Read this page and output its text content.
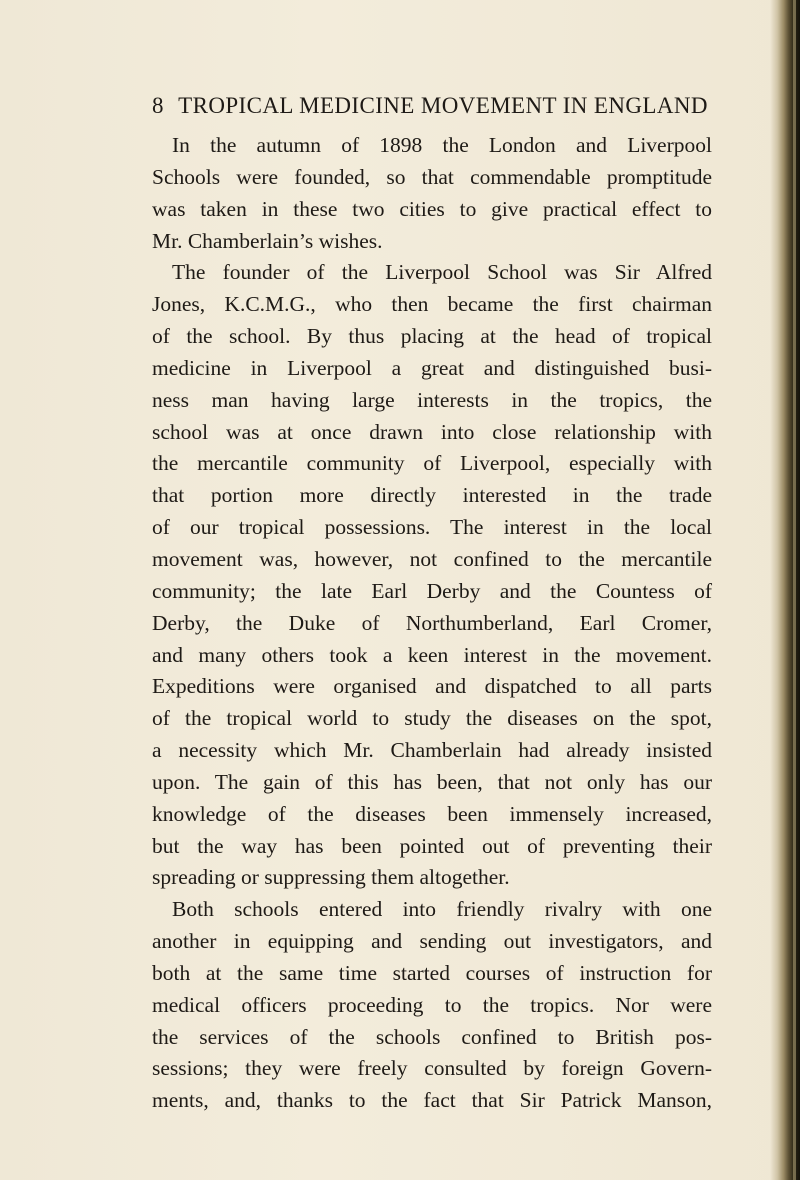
8 TROPICAL MEDICINE MOVEMENT IN ENGLAND
In the autumn of 1898 the London and Liverpool
Schools were founded, so that commendable promptitude
was taken in these two cities to give practical effect to
Mr. Chamberlain’s wishes.
The founder of the Liverpool School was Sir Alfred
Jones, K.C.M.G., who then became the first chairman
of the school. By thus placing at the head of tropical
medicine in Liverpool a great and distinguished busi-
ness man having large interests in the tropics, the
school was at once drawn into close relationship with
the mercantile community of Liverpool, especially with
that portion more directly interested in the trade
of our tropical possessions. The interest in the local
movement was, however, not confined to the mercantile
community; the late Earl Derby and the Countess of
Derby, the Duke of Northumberland, Earl Cromer,
and many others took a keen interest in the movement.
Expeditions were organised and dispatched to all parts
of the tropical world to study the diseases on the spot,
a necessity which Mr. Chamberlain had already insisted
upon. The gain of this has been, that not only has our
knowledge of the diseases been immensely increased,
but the way has been pointed out of preventing their
spreading or suppressing them altogether.
Both schools entered into friendly rivalry with one
another in equipping and sending out investigators, and
both at the same time started courses of instruction for
medical officers proceeding to the tropics. Nor were
the services of the schools confined to British pos-
sessions; they were freely consulted by foreign Govern-
ments, and, thanks to the fact that Sir Patrick Manson,
